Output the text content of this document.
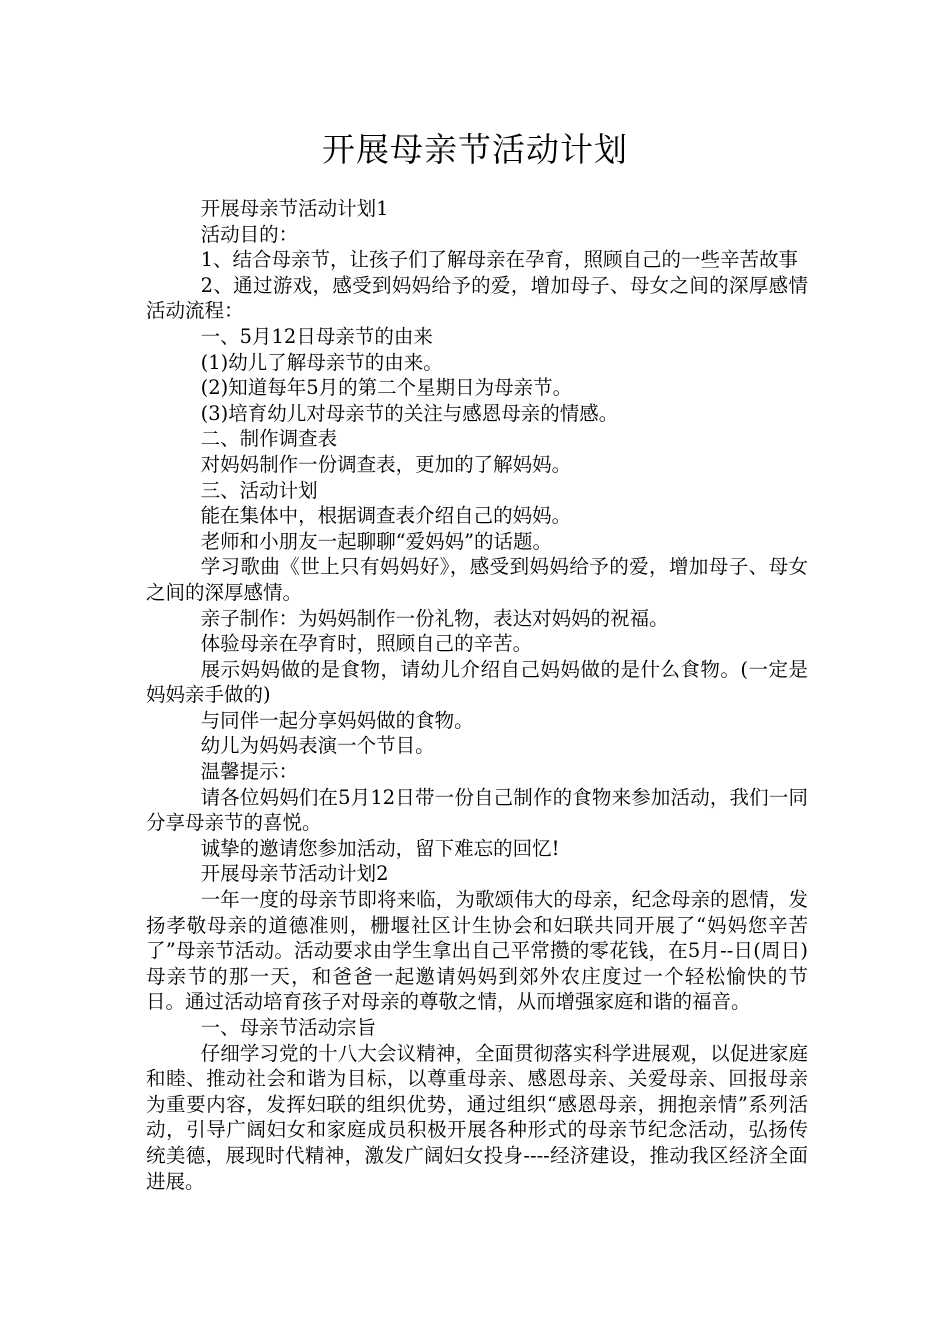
开展母亲节活动计划

开展母亲节活动计划1

活动目的：

1、结合母亲节，让孩子们了解母亲在孕育，照顾自己的一些辛苦故事

2、通过游戏，感受到妈妈给予的爱，增加母子、母女之间的深厚感情活动流程：

一、5月12日母亲节的由来

(1)幼儿了解母亲节的由来。

(2)知道每年5月的第二个星期日为母亲节。

(3)培育幼儿对母亲节的关注与感恩母亲的情感。

二、制作调查表

对妈妈制作一份调查表，更加的了解妈妈。

三、活动计划

能在集体中，根据调查表介绍自己的妈妈。

老师和小朋友一起聊聊“爱妈妈”的话题。

学习歌曲《世上只有妈妈好》，感受到妈妈给予的爱，增加母子、母女之间的深厚感情。

亲子制作：为妈妈制作一份礼物，表达对妈妈的祝福。

体验母亲在孕育时，照顾自己的辛苦。

展示妈妈做的是食物，请幼儿介绍自己妈妈做的是什么食物。(一定是妈妈亲手做的)

与同伴一起分享妈妈做的食物。

幼儿为妈妈表演一个节目。

温馨提示：

请各位妈妈们在5月12日带一份自己制作的食物来参加活动，我们一同分享母亲节的喜悦。

诚挚的邀请您参加活动，留下难忘的回忆!

开展母亲节活动计划2

一年一度的母亲节即将来临，为歌颂伟大的母亲，纪念母亲的恩情，发扬孝敬母亲的道德准则，栅堰社区计生协会和妇联共同开展了“妈妈您辛苦了”母亲节活动。活动要求由学生拿出自己平常攒的零花钱，在5月--日(周日)母亲节的那一天，和爸爸一起邀请妈妈到郊外农庄度过一个轻松愉快的节日。通过活动培育孩子对母亲的尊敬之情，从而增强家庭和谐的福音。

一、母亲节活动宗旨

仔细学习党的十八大会议精神，全面贯彻落实科学进展观，以促进家庭和睦、推动社会和谐为目标，以尊重母亲、感恩母亲、关爱母亲、回报母亲为重要内容，发挥妇联的组织优势，通过组织“感恩母亲，拥抱亲情”系列活动，引导广阔妇女和家庭成员积极开展各种形式的母亲节纪念活动，弘扬传统美德，展现时代精神，激发广阔妇女投身----经济建设，推动我区经济全面进展。
